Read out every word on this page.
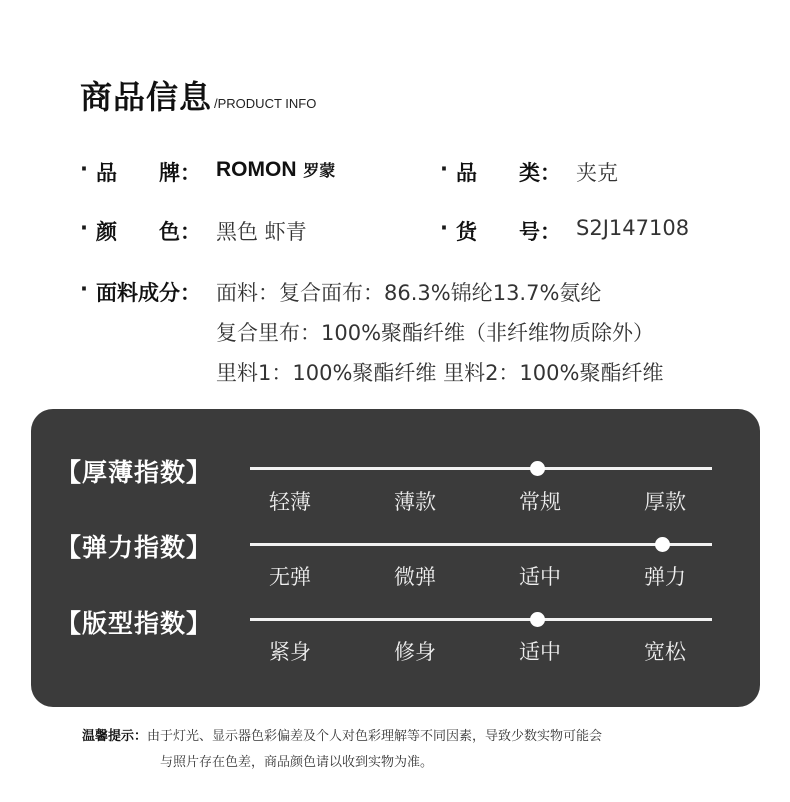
商品信息 /PRODUCT INFO
· 品　　牌： ROMON 罗蒙	· 品　　类： 夹克
· 颜　　色： 黑色 虾青	· 货　　号： S2J147108
· 面料成分： 面料：复合面布：86.3%锦纶13.7%氨纶
复合里布：100%聚酯纤维（非纤维物质除外）
里料1：100%聚酯纤维 里料2：100%聚酯纤维
【厚薄指数】
轻薄	薄款	常规	厚款
【弹力指数】
无弹	微弹	适中	弹力
【版型指数】
紧身	修身	适中	宽松
温馨提示：由于灯光、显示器色彩偏差及个人对色彩理解等不同因素，导致少数实物可能会
与照片存在色差，商品颜色请以收到实物为准。
